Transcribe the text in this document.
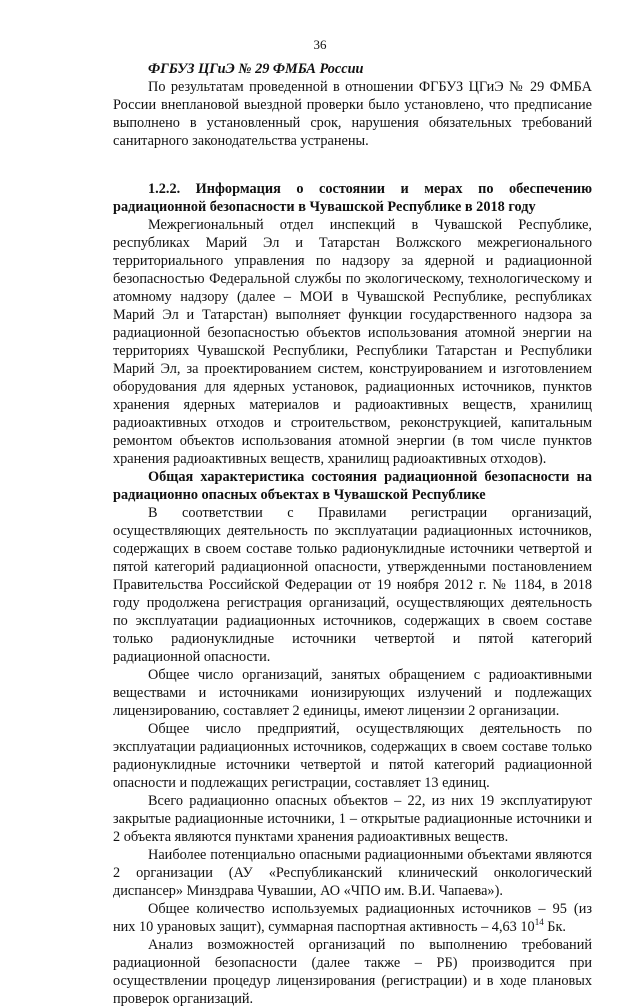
36

ФГБУЗ ЦГиЭ № 29 ФМБА России

По результатам проведенной в отношении ФГБУЗ ЦГиЭ № 29 ФМБА России внеплановой выездной проверки было установлено, что предписание выполнено в установленный срок, нарушения обязательных требований санитарного законодательства устранены.

1.2.2. Информация о состоянии и мерах по обеспечению радиационной безопасности в Чувашской Республике в 2018 году

Межрегиональный отдел инспекций в Чувашской Республике, республиках Марий Эл и Татарстан Волжского межрегионального территориального управления по надзору за ядерной и радиационной безопасностью Федеральной службы по экологическому, технологическому и атомному надзору (далее – МОИ в Чувашской Республике, республиках Марий Эл и Татарстан) выполняет функции государственного надзора за радиационной безопасностью объектов использования атомной энергии на территориях Чувашской Республики, Республики Татарстан и Республики Марий Эл, за проектированием систем, конструированием и изготовлением оборудования для ядерных установок, радиационных источников, пунктов хранения ядерных материалов и радиоактивных веществ, хранилищ радиоактивных отходов и строительством, реконструкцией, капитальным ремонтом объектов использования атомной энергии (в том числе пунктов хранения радиоактивных веществ, хранилищ радиоактивных отходов).

Общая характеристика состояния радиационной безопасности на радиационно опасных объектах в Чувашской Республике

В соответствии с Правилами регистрации организаций, осуществляющих деятельность по эксплуатации радиационных источников, содержащих в своем составе только радионуклидные источники четвертой и пятой категорий радиационной опасности, утвержденными постановлением Правительства Российской Федерации от 19 ноября 2012 г. № 1184, в 2018 году продолжена регистрация организаций, осуществляющих деятельность по эксплуатации радиационных источников, содержащих в своем составе только радионуклидные источники четвертой и пятой категорий радиационной опасности.

Общее число организаций, занятых обращением с радиоактивными веществами и источниками ионизирующих излучений и подлежащих лицензированию, составляет 2 единицы, имеют лицензии 2 организации.

Общее число предприятий, осуществляющих деятельность по эксплуатации радиационных источников, содержащих в своем составе только радионуклидные источники четвертой и пятой категорий радиационной опасности и подлежащих регистрации, составляет 13 единиц.

Всего радиационно опасных объектов – 22, из них 19 эксплуатируют закрытые радиационные источники, 1 – открытые радиационные источники и 2 объекта являются пунктами хранения радиоактивных веществ.

Наиболее потенциально опасными радиационными объектами являются 2 организации (АУ «Республиканский клинический онкологический диспансер» Минздрава Чувашии, АО «ЧПО им. В.И. Чапаева»).

Общее количество используемых радиационных источников – 95 (из них 10 урановых защит), суммарная паспортная активность – 4,63 $10^{14}$ Бк.

Анализ возможностей организаций по выполнению требований радиационной безопасности (далее также – РБ) производится при осуществлении процедур лицензирования (регистрации) и в ходе плановых проверок организаций.
